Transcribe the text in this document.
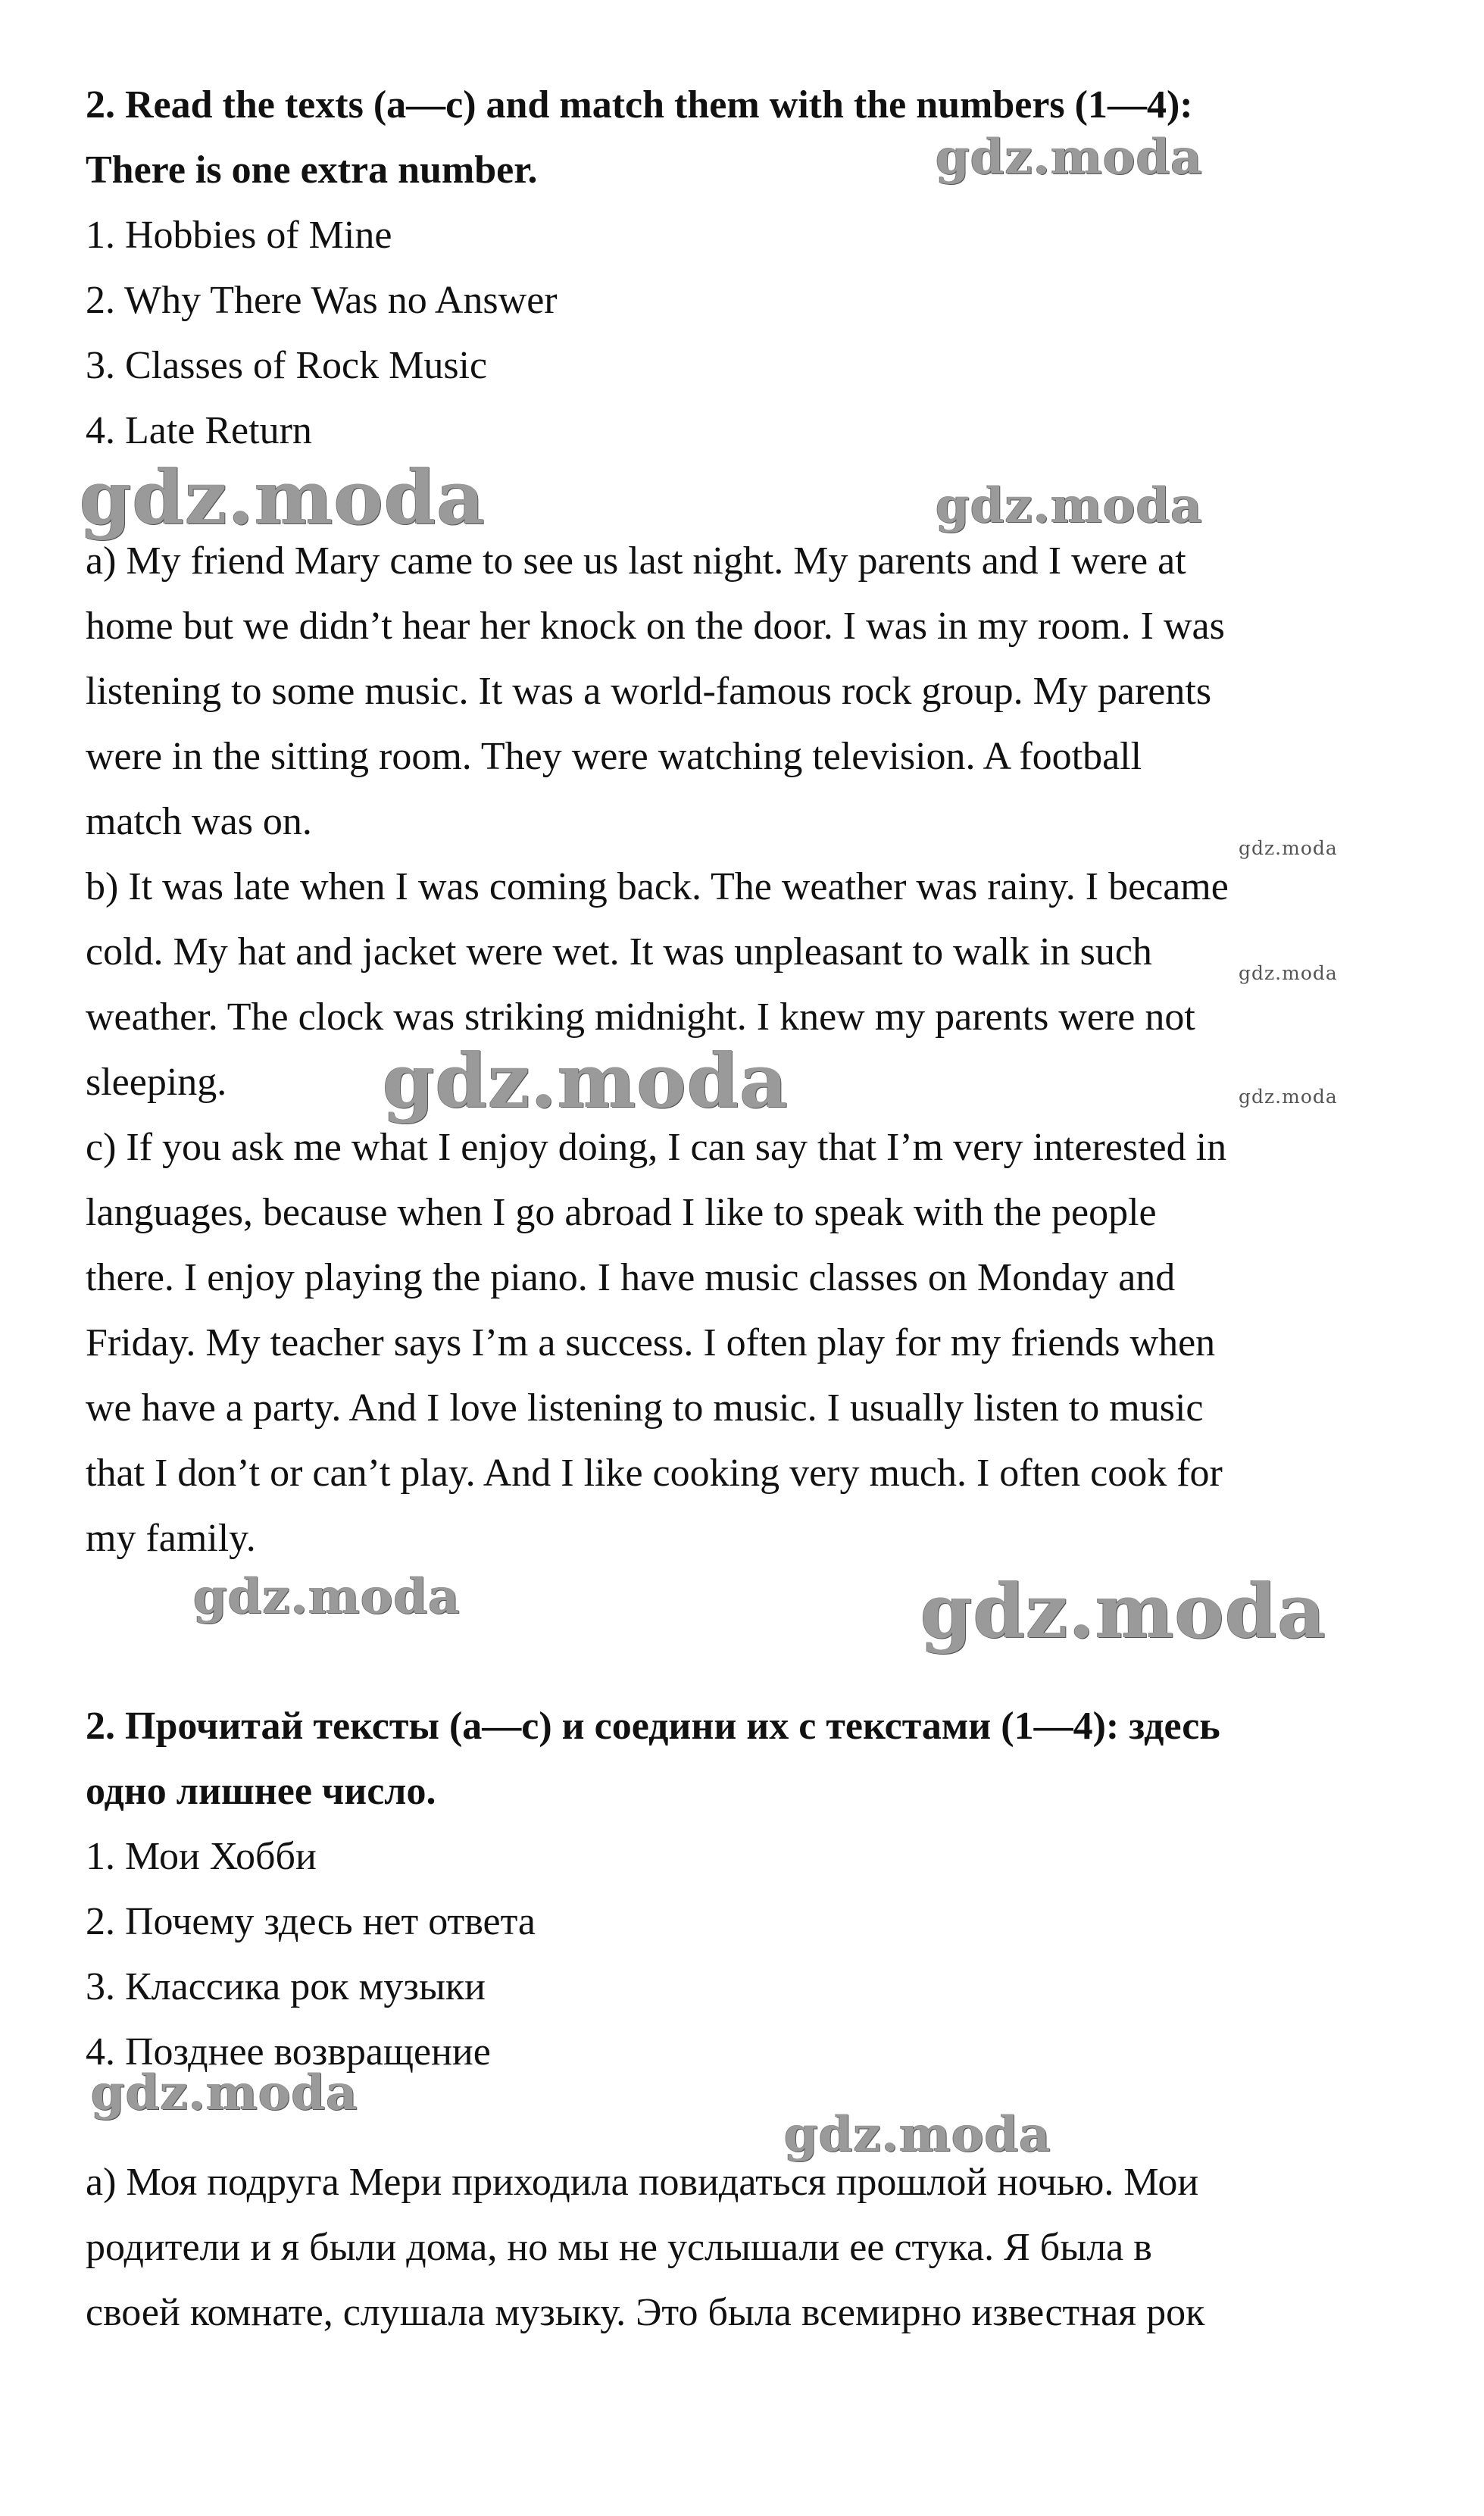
2. Read the texts (a—c) and match them with the numbers (1—4):

There is one extra number.

1. Hobbies of Mine

2. Why There Was no Answer

3. Classes of Rock Music

4. Late Return

a) My friend Mary came to see us last night. My parents and I were at

home but we didn’t hear her knock on the door. I was in my room. I was

listening to some music. It was a world-famous rock group. My parents

were in the sitting room. They were watching television. A football

match was on.

b) It was late when I was coming back. The weather was rainy. I became

cold. My hat and jacket were wet. It was unpleasant to walk in such

weather. The clock was striking midnight. I knew my parents were not

sleeping.

c) If you ask me what I enjoy doing, I can say that I’m very interested in

languages, because when I go abroad I like to speak with the people

there. I enjoy playing the piano. I have music classes on Monday and

Friday. My teacher says I’m a success. I often play for my friends when

we have a party. And I love listening to music. I usually listen to music

that I don’t or can’t play. And I like cooking very much. I often cook for

my family.

2. Прочитай тексты (a—c) и соедини их с текстами (1—4): здесь

одно лишнее число.

1. Мои Хобби

2. Почему здесь нет ответа

3. Классика рок музыки

4. Позднее возвращение

a) Моя подруга Мери приходила повидаться прошлой ночью. Мои

родители и я были дома, но мы не услышали ее стука. Я была в

своей комнате, слушала музыку. Это была всемирно известная рок

gdz.moda
gdz.moda	gdz.moda
gdz.moda
gdz.moda
gdz.moda	gdz.moda
gdz.moda	gdz.moda
gdz.moda
gdz.moda
